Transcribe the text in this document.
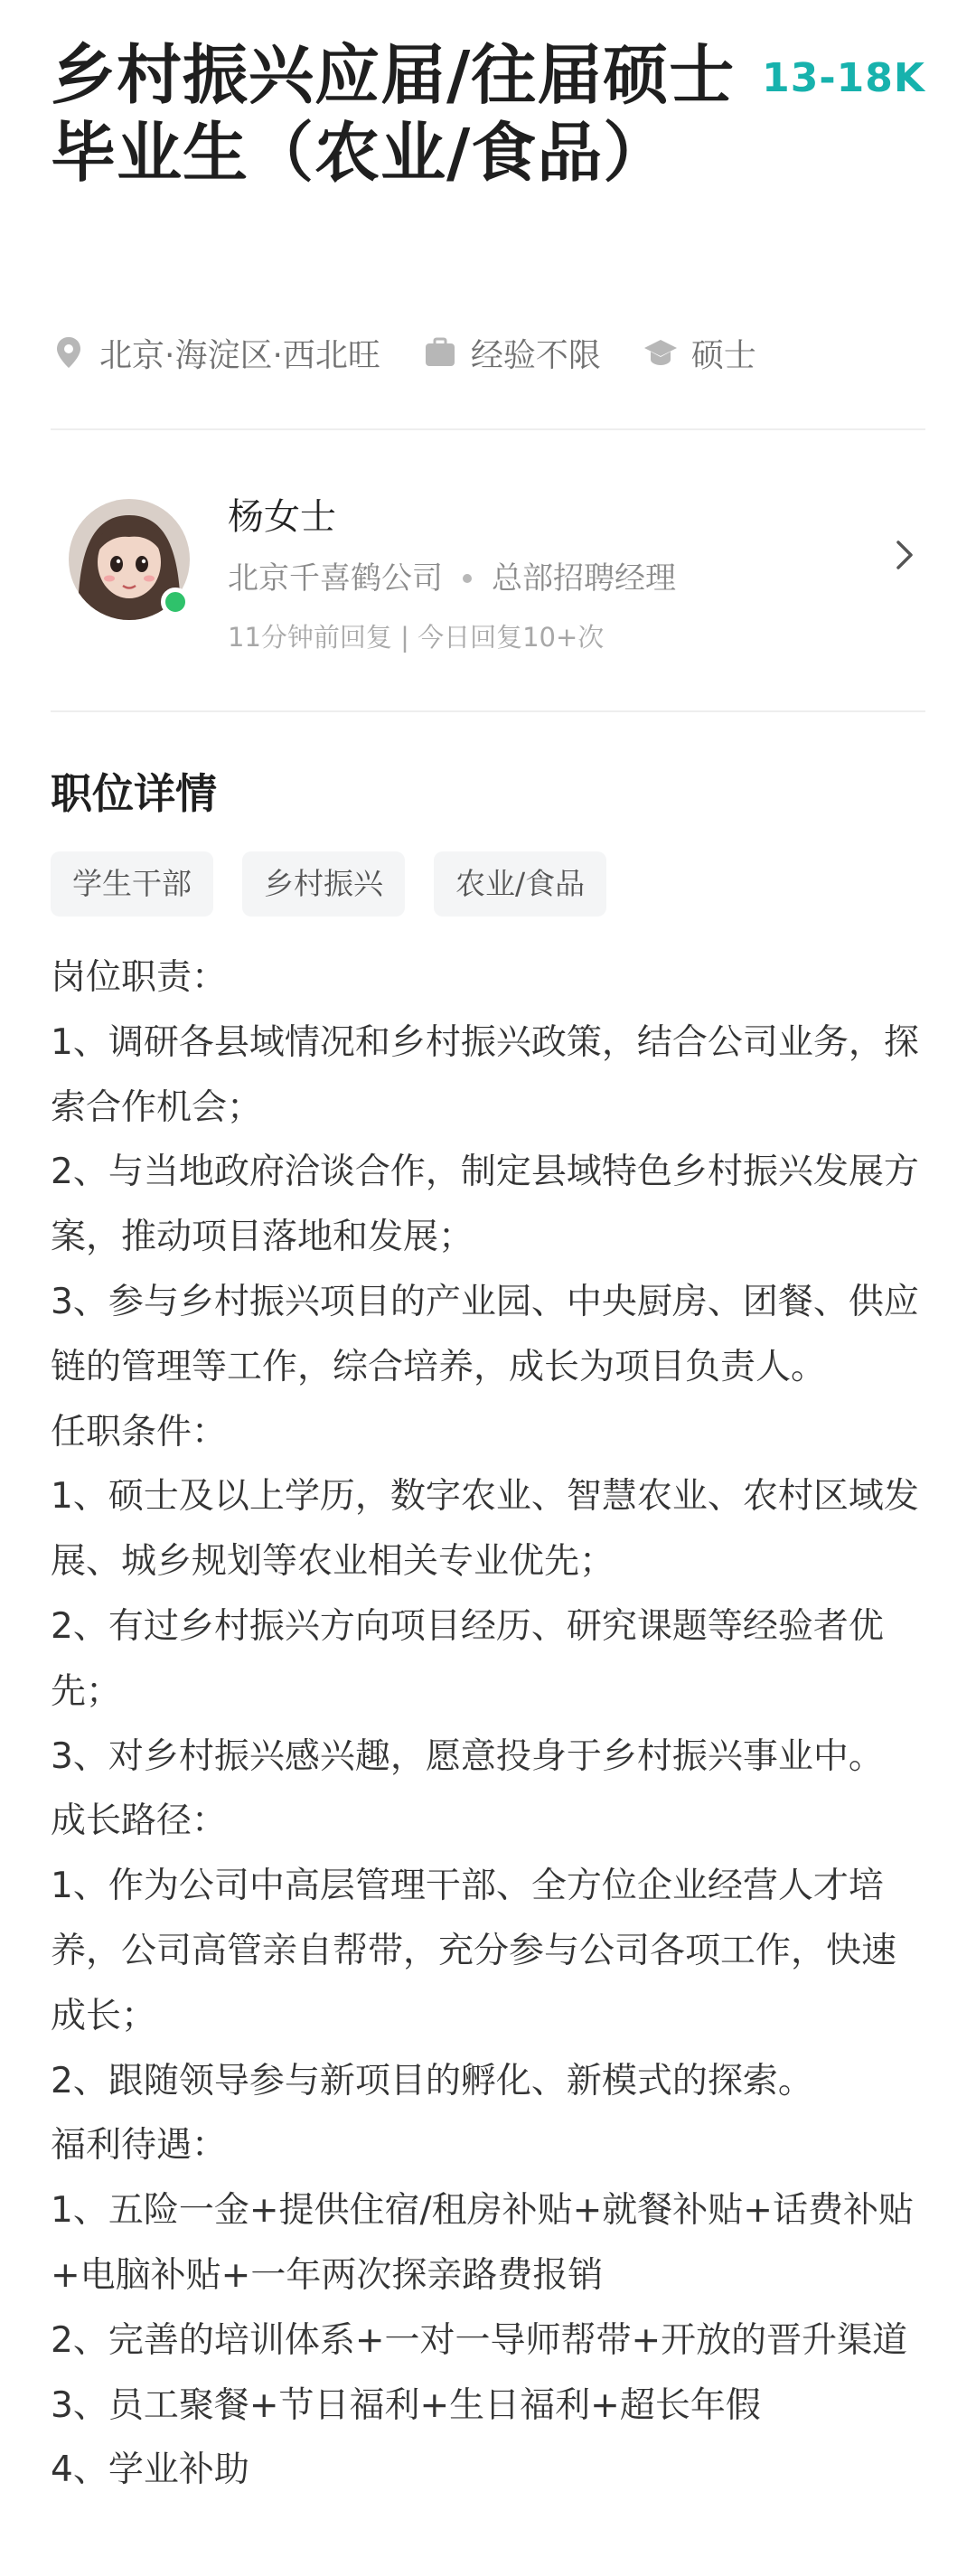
乡村振兴应届/往届硕士毕业生（农业/食品）
13-18K
北京·海淀区·西北旺	经验不限	硕士
杨女士
北京千喜鹤公司 总部招聘经理
11分钟前回复 | 今日回复10+次
职位详情
学生干部	乡村振兴	农业/食品

岗位职责：

1、调研各县域情况和乡村振兴政策，结合公司业务，探索合作机会；

2、与当地政府洽谈合作，制定县域特色乡村振兴发展方案，推动项目落地和发展；

3、参与乡村振兴项目的产业园、中央厨房、团餐、供应链的管理等工作，综合培养，成长为项目负责人。

任职条件：

1、硕士及以上学历，数字农业、智慧农业、农村区域发展、城乡规划等农业相关专业优先；

2、有过乡村振兴方向项目经历、研究课题等经验者优先；

3、对乡村振兴感兴趣，愿意投身于乡村振兴事业中。

成长路径：

1、作为公司中高层管理干部、全方位企业经营人才培养，公司高管亲自帮带，充分参与公司各项工作，快速成长；

2、跟随领导参与新项目的孵化、新模式的探索。

福利待遇：

1、五险一金+提供住宿/租房补贴+就餐补贴+话费补贴+电脑补贴+一年两次探亲路费报销

2、完善的培训体系+一对一导师帮带+开放的晋升渠道

3、员工聚餐+节日福利+生日福利+超长年假

4、学业补助
